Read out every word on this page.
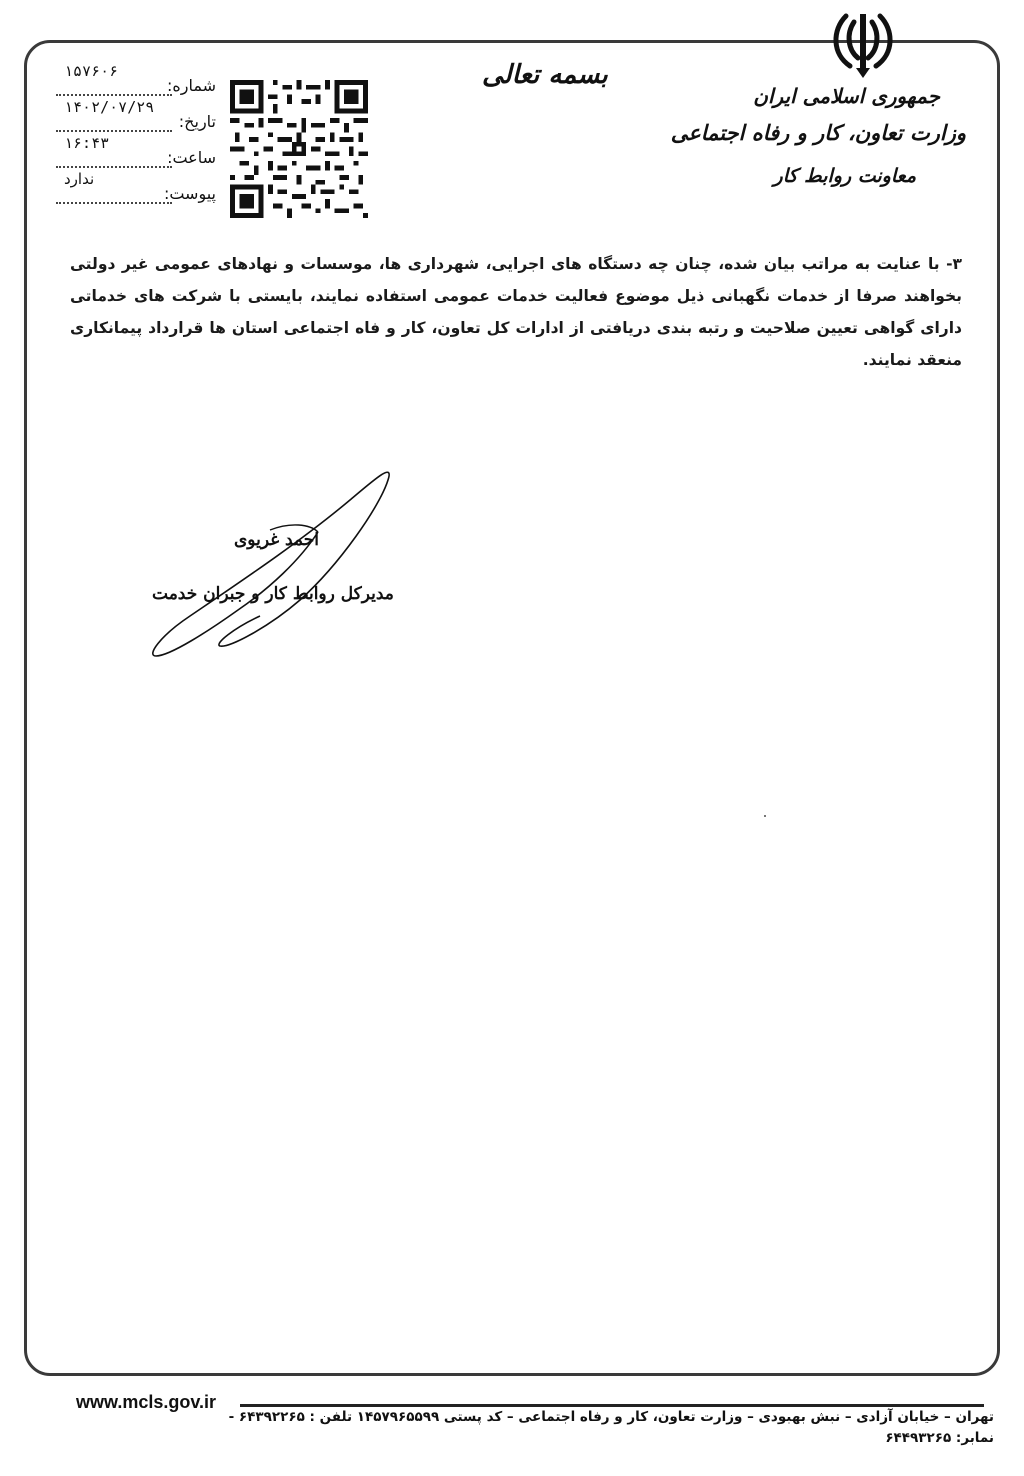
جمهوری اسلامی ایران
وزارت تعاون، کار و رفاه اجتماعی
معاونت روابط کار
بسمه تعالی
شماره:
۱۵۷۶۰۶
تاریخ:
۱۴۰۲/۰۷/۲۹
ساعت:
۱۶:۴۳
پیوست:
ندارد
۳- با عنایت به مراتب بیان شده، چنان چه دستگاه های اجرایی، شهرداری ها، موسسات و نهادهای عمومی غیر دولتی بخواهند صرفا از خدمات نگهبانی ذیل موضوع فعالیت خدمات عمومی استفاده نمایند، بایستی با شرکت های خدماتی دارای گواهی تعیین صلاحیت و رتبه بندی دریافتی از ادارات کل تعاون، کار و فاه اجتماعی استان ها قرارداد پیمانکاری منعقد نمایند.
احمد غریوی
مدیرکل روابط کار و جبران خدمت
www.mcls.gov.ir
تهران – خیابان آزادی – نبش بهبودی – وزارت تعاون، کار و رفاه اجتماعی – کد پستی ۱۴۵۷۹۶۵۵۹۹ تلفن : ۶۴۳۹۲۲۶۵ -
نمابر: ۶۴۴۹۳۲۶۵
